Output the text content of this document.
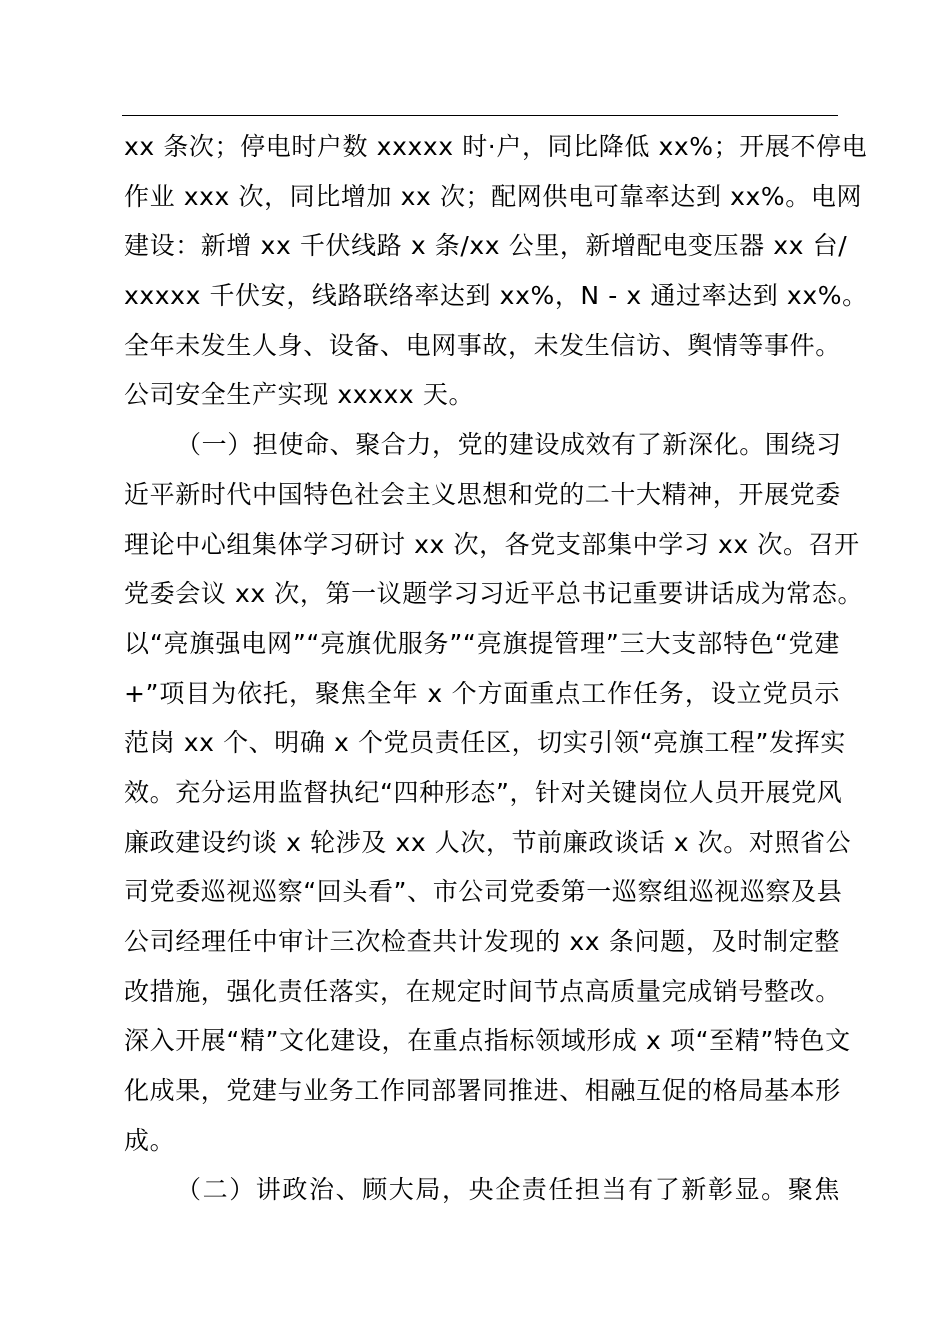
xx 条次；停电时户数 xxxxx 时·户，同比降低 xx%；开展不停电
作业 xxx 次，同比增加 xx 次；配网供电可靠率达到 xx%。电网
建设：新增 xx 千伏线路 x 条/xx 公里，新增配电变压器 xx 台/
xxxxx 千伏安，线路联络率达到 xx%，N - x 通过率达到 xx%。
全年未发生人身、设备、电网事故，未发生信访、舆情等事件。
公司安全生产实现 xxxxx 天。
（一）担使命、聚合力，党的建设成效有了新深化。围绕习
近平新时代中国特色社会主义思想和党的二十大精神，开展党委
理论中心组集体学习研讨 xx 次，各党支部集中学习 xx 次。召开
党委会议 xx 次，第一议题学习习近平总书记重要讲话成为常态。
以“亮旗强电网”“亮旗优服务”“亮旗提管理”三大支部特色“党建
+”项目为依托，聚焦全年 x 个方面重点工作任务，设立党员示
范岗 xx 个、明确 x 个党员责任区，切实引领“亮旗工程”发挥实
效。充分运用监督执纪“四种形态”，针对关键岗位人员开展党风
廉政建设约谈 x 轮涉及 xx 人次，节前廉政谈话 x 次。对照省公
司党委巡视巡察“回头看”、市公司党委第一巡察组巡视巡察及县
公司经理任中审计三次检查共计发现的 xx 条问题，及时制定整
改措施，强化责任落实，在规定时间节点高质量完成销号整改。
深入开展“精”文化建设，在重点指标领域形成 x 项“至精”特色文
化成果，党建与业务工作同部署同推进、相融互促的格局基本形
成。
（二）讲政治、顾大局，央企责任担当有了新彰显。聚焦
